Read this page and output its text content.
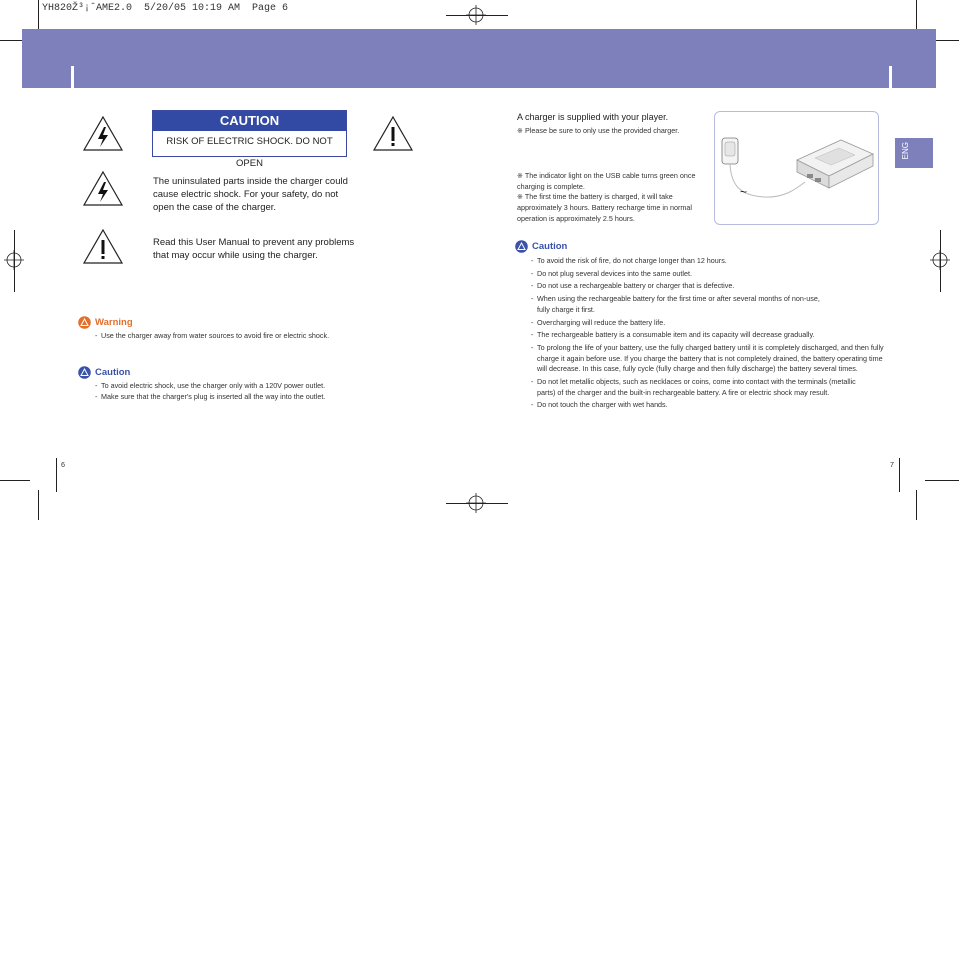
YH820Ž³¡ˆAME2.0  5/20/05 10:19 AM  Page 6
CAUTION
RISK OF ELECTRIC SHOCK. DO NOT OPEN
The uninsulated parts inside the charger could cause electric shock. For your safety, do not open the case of the charger.
Read this User Manual to prevent any problems that may occur while using the charger.
Warning
- Use the charger away from water sources to avoid fire or electric shock.
Caution
- To avoid electric shock, use the charger only with a 120V power outlet.
- Make sure that the charger's plug is inserted all the way into the outlet.
6
ENG
A charger is supplied with your player.
※ Please be sure to only use the provided charger.
※ The indicator light on the USB cable turns green once charging is complete.
※ The first time the battery is charged, it will take approximately 3 hours. Battery recharge time in normal operation is approximately 2.5 hours.
~
Caution
- To avoid the risk of fire, do not charge longer than 12 hours.
- Do not plug several devices into the same outlet.
- Do not use a rechargeable battery or charger that is defective.
- When using the rechargeable battery for the first time or after several months of non-use, fully charge it first.
- Overcharging will reduce the battery life.
- The rechargeable battery is a consumable item and its capacity will decrease gradually.
- To prolong the life of your battery, use the fully charged battery until it is completely discharged, and then fully charge it again before use. If you charge the battery that is not completely drained, the battery operating time will decrease. In this case, fully cycle (fully charge and then fully discharge) the battery several times.
- Do not let metallic objects, such as necklaces or coins, come into contact with the terminals (metallic parts) of the charger and the built-in rechargeable battery. A fire or electric shock may result.
- Do not touch the charger with wet hands.
7
